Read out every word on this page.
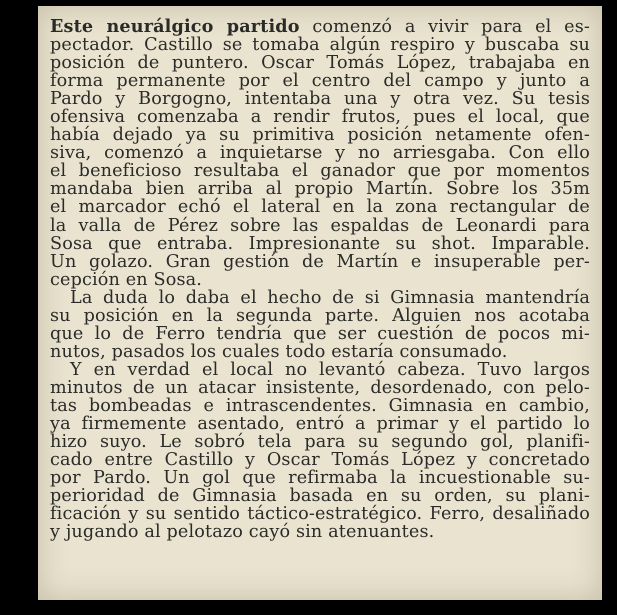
Este neurálgico partido comenzó a vivir para el es-
pectador. Castillo se tomaba algún respiro y buscaba su
posición de puntero. Oscar Tomás López, trabajaba en
forma permanente por el centro del campo y junto a
Pardo y Borgogno, intentaba una y otra vez. Su tesis
ofensiva comenzaba a rendir frutos, pues el local, que
había dejado ya su primitiva posición netamente ofen-
siva, comenzó a inquietarse y no arriesgaba. Con ello
el beneficioso resultaba el ganador que por momentos
mandaba bien arriba al propio Martín. Sobre los 35m
el marcador echó el lateral en la zona rectangular de
la valla de Pérez sobre las espaldas de Leonardi para
Sosa que entraba. Impresionante su shot. Imparable.
Un golazo. Gran gestión de Martín e insuperable per-
cepción en Sosa.

La duda lo daba el hecho de si Gimnasia mantendría
su posición en la segunda parte. Alguien nos acotaba
que lo de Ferro tendría que ser cuestión de pocos mi-
nutos, pasados los cuales todo estaría consumado.

Y en verdad el local no levantó cabeza. Tuvo largos
minutos de un atacar insistente, desordenado, con pelo-
tas bombeadas e intrascendentes. Gimnasia en cambio,
ya firmemente asentado, entró a primar y el partido lo
hizo suyo. Le sobró tela para su segundo gol, planifi-
cado entre Castillo y Oscar Tomás López y concretado
por Pardo. Un gol que refirmaba la incuestionable su-
perioridad de Gimnasia basada en su orden, su plani-
ficación y su sentido táctico-estratégico. Ferro, desaliñado
y jugando al pelotazo cayó sin atenuantes.
